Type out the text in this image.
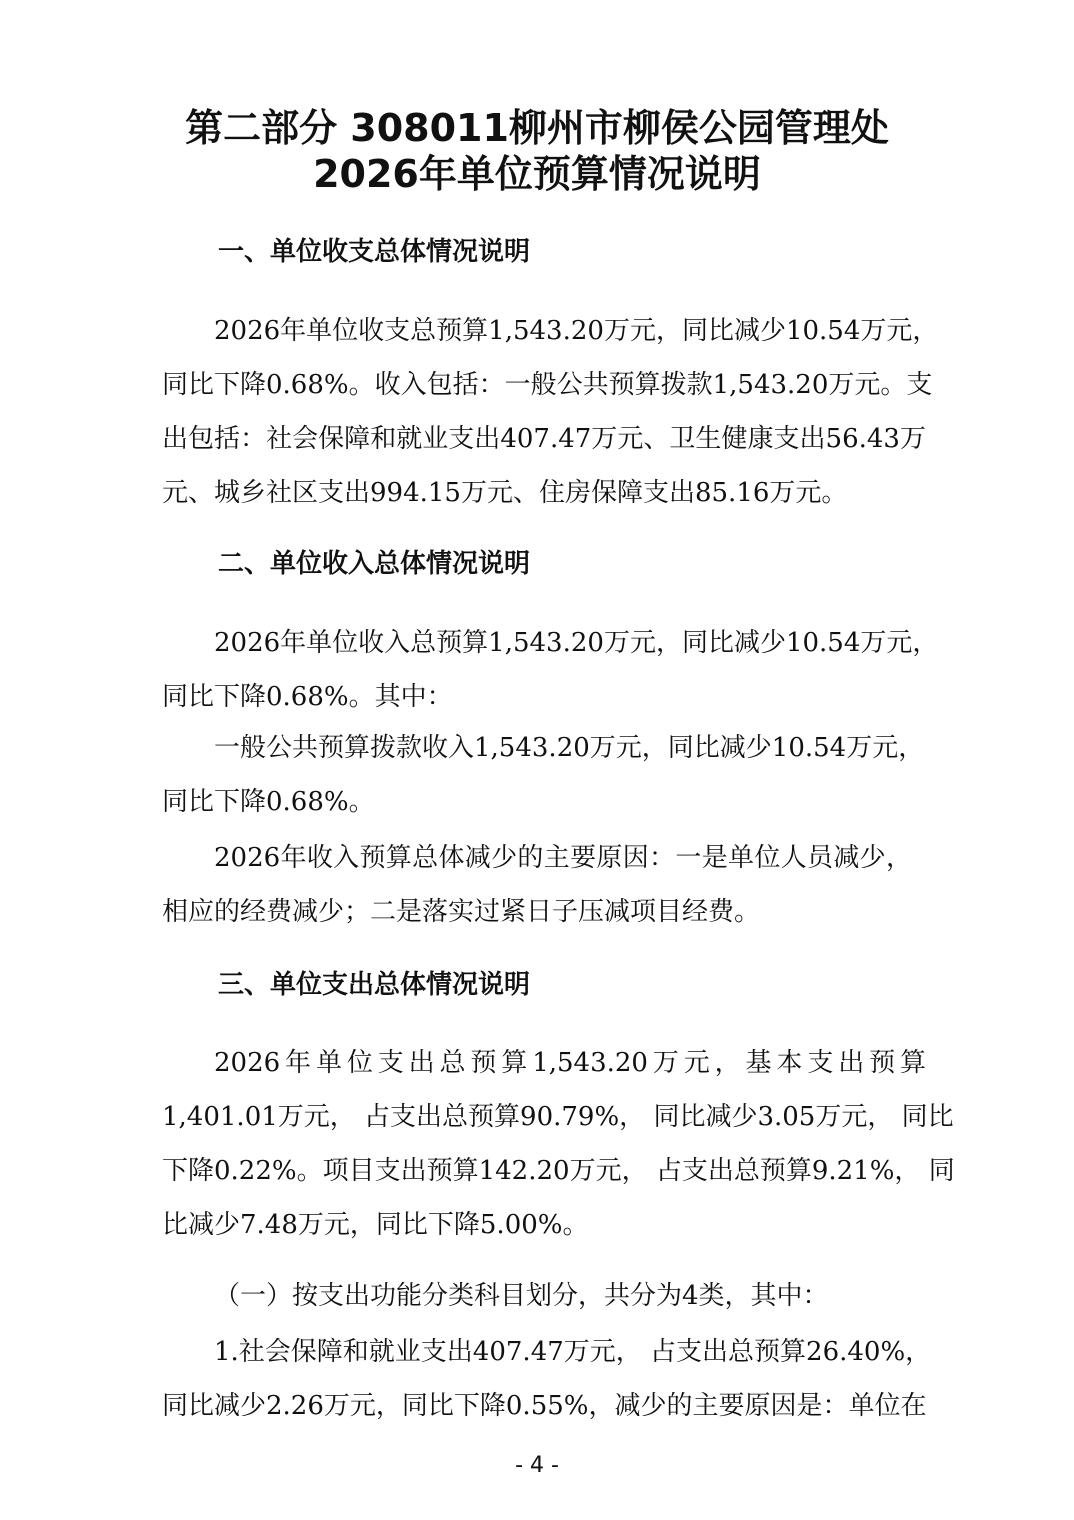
第二部分 308011柳州市柳侯公园管理处
2026年单位预算情况说明
一、单位收支总体情况说明
2026年单位收支总预算1,543.20万元，同比减少10.54万元，
同比下降0.68%。收入包括：一般公共预算拨款1,543.20万元。支
出包括：社会保障和就业支出407.47万元、卫生健康支出56.43万
元、城乡社区支出994.15万元、住房保障支出85.16万元。
二、单位收入总体情况说明
2026年单位收入总预算1,543.20万元，同比减少10.54万元，
同比下降0.68%。其中：
一般公共预算拨款收入1,543.20万元，同比减少10.54万元，
同比下降0.68%。
2026年收入预算总体减少的主要原因：一是单位人员减少，
相应的经费减少；二是落实过紧日子压减项目经费。
三、单位支出总体情况说明
2026年单位支出总预算1,543.20万元，基本支出预算
1,401.01万元， 占支出总预算90.79%， 同比减少3.05万元， 同比
下降0.22%。项目支出预算142.20万元， 占支出总预算9.21%， 同
比减少7.48万元，同比下降5.00%。
（一）按支出功能分类科目划分，共分为4类，其中：
1.社会保障和就业支出407.47万元， 占支出总预算26.40%，
同比减少2.26万元，同比下降0.55%，减少的主要原因是：单位在
- 4 -
